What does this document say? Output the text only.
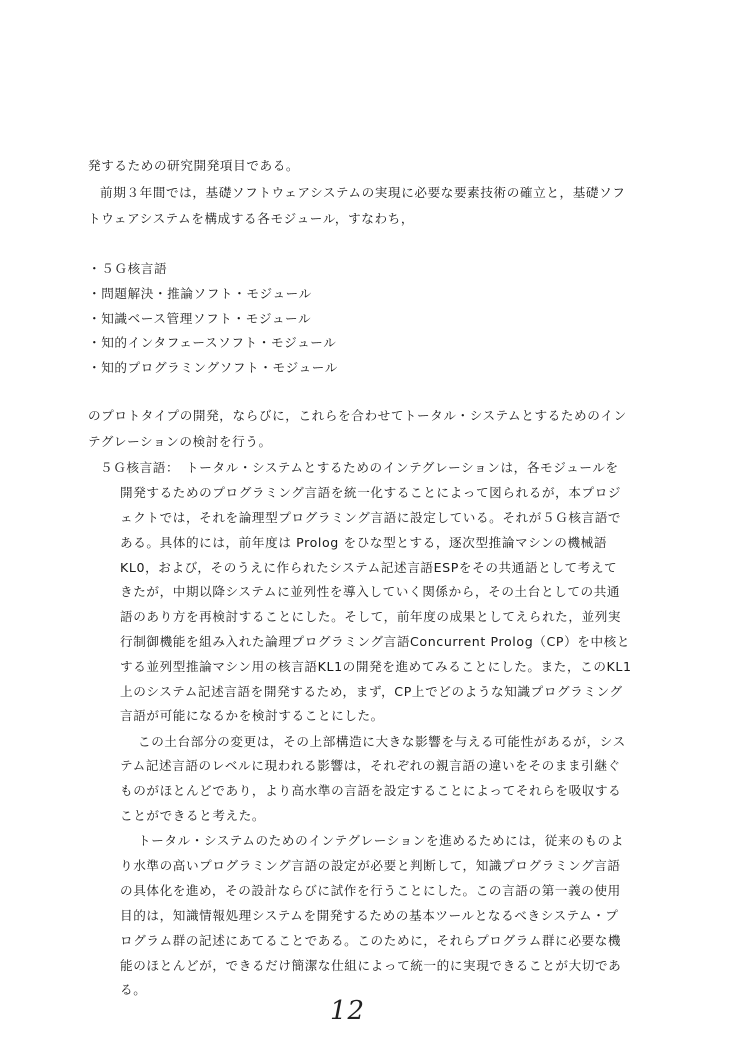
発するための研究開発項目である。
前期３年間では，基礎ソフトウェアシステムの実現に必要な要素技術の確立と，基礎ソフ
トウェアシステムを構成する各モジュール，すなわち，
・５Ｇ核言語
・問題解決・推論ソフト・モジュール
・知識ベース管理ソフト・モジュール
・知的インタフェースソフト・モジュール
・知的プログラミングソフト・モジュール
のプロトタイプの開発，ならびに，これらを合わせてトータル・システムとするためのイン
テグレーションの検討を行う。
５Ｇ核言語：　トータル・システムとするためのインテグレーションは，各モジュールを
開発するためのプログラミング言語を統一化することによって図られるが，本プロジ
ェクトでは，それを論理型プログラミング言語に設定している。それが５Ｇ核言語で
ある。具体的には，前年度は Prolog をひな型とする，逐次型推論マシンの機械語
KL0，および，そのうえに作られたシステム記述言語ESPをその共通語として考えて
きたが，中期以降システムに並列性を導入していく関係から，その土台としての共通
語のあり方を再検討することにした。そして，前年度の成果としてえられた，並列実
行制御機能を組み入れた論理プログラミング言語Concurrent Prolog（CP）を中核と
する並列型推論マシン用の核言語KL1の開発を進めてみることにした。また，このKL1
上のシステム記述言語を開発するため，まず，CP上でどのような知識プログラミング
言語が可能になるかを検討することにした。
この土台部分の変更は，その上部構造に大きな影響を与える可能性があるが，シス
テム記述言語のレベルに現われる影響は，それぞれの親言語の違いをそのまま引継ぐ
ものがほとんどであり，より高水準の言語を設定することによってそれらを吸収する
ことができると考えた。
トータル・システムのためのインテグレーションを進めるためには，従来のものよ
り水準の高いプログラミング言語の設定が必要と判断して，知識プログラミング言語
の具体化を進め，その設計ならびに試作を行うことにした。この言語の第一義の使用
目的は，知識情報処理システムを開発するための基本ツールとなるべきシステム・プ
ログラム群の記述にあてることである。このために，それらプログラム群に必要な機
能のほとんどが，できるだけ簡潔な仕組によって統一的に実現できることが大切であ
る。
12
